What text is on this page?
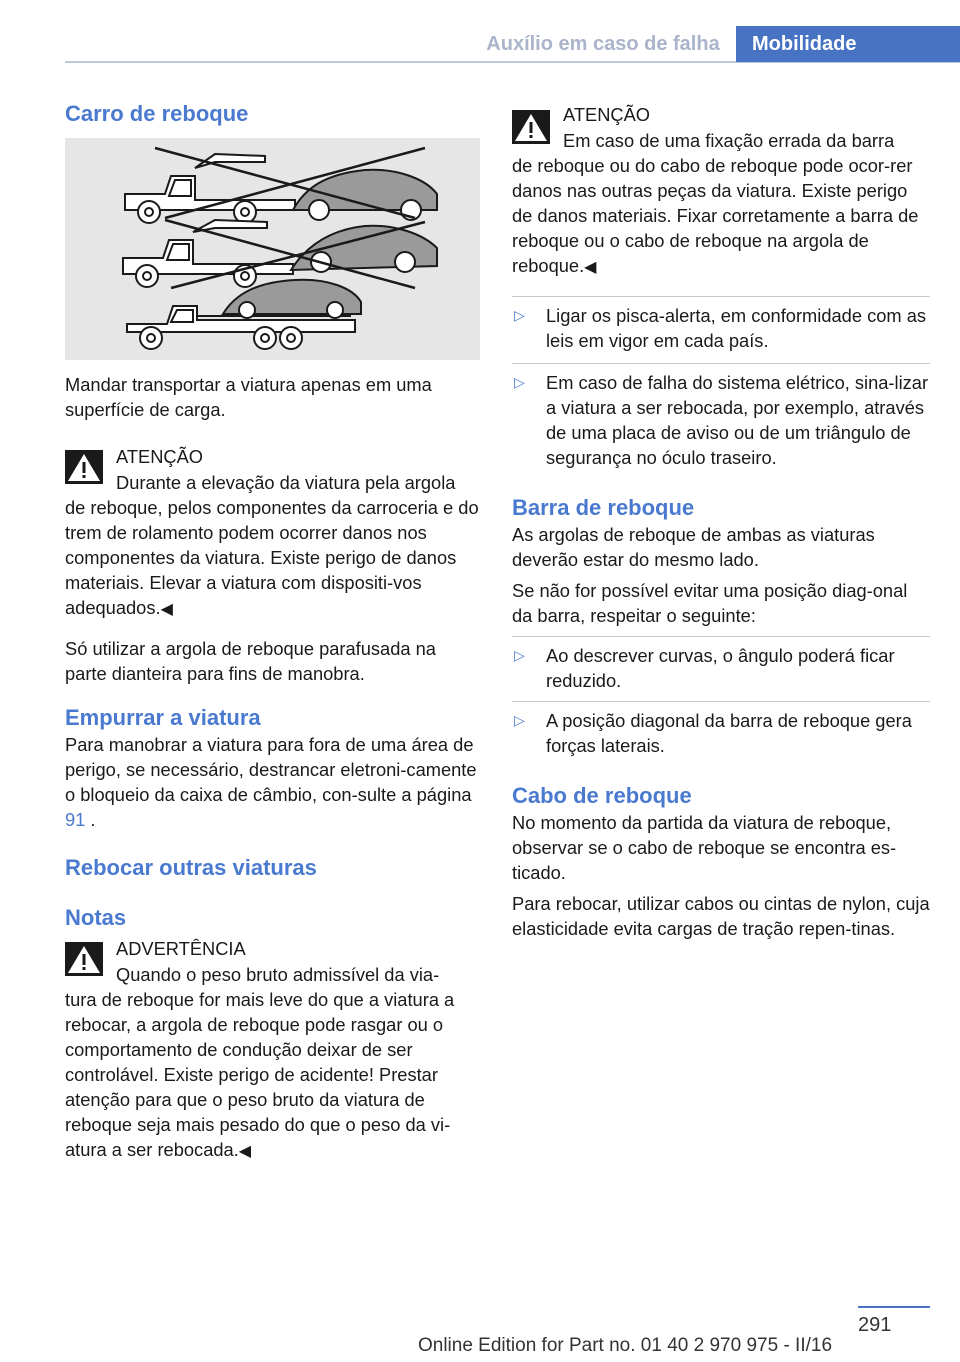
Auxílio em caso de falha	Mobilidade
Carro de reboque

Mandar transportar a viatura apenas em uma superfície de carga.

ATENÇÃO
Durante a elevação da viatura pela argola
de reboque, pelos componentes da carroceria e do trem de rolamento podem ocorrer danos nos componentes da viatura. Existe perigo de danos materiais. Elevar a viatura com dispositi-vos adequados.◀

Só utilizar a argola de reboque parafusada na parte dianteira para fins de manobra.

Empurrar a viatura

Para manobrar a viatura para fora de uma área de perigo, se necessário, destrancar eletroni-camente o bloqueio da caixa de câmbio, con-sulte a página 91 .

Rebocar outras viaturas
Notas
ADVERTÊNCIA
Quando o peso bruto admissível da via-
tura de reboque for mais leve do que a viatura a rebocar, a argola de reboque pode rasgar ou o comportamento de condução deixar de ser controlável. Existe perigo de acidente! Prestar atenção para que o peso bruto da viatura de reboque seja mais pesado do que o peso da vi-atura a ser rebocada.◀
ATENÇÃO
Em caso de uma fixação errada da barra
de reboque ou do cabo de reboque pode ocor-rer danos nas outras peças da viatura. Existe perigo de danos materiais. Fixar corretamente a barra de reboque ou o cabo de reboque na argola de reboque.◀
▷ Ligar os pisca-alerta, em conformidade com as leis em vigor em cada país.
▷ Em caso de falha do sistema elétrico, sina-lizar a viatura a ser rebocada, por exemplo, através de uma placa de aviso ou de um triângulo de segurança no óculo traseiro.
Barra de reboque

As argolas de reboque de ambas as viaturas deverão estar do mesmo lado.

Se não for possível evitar uma posição diag-onal da barra, respeitar o seguinte:

▷ Ao descrever curvas, o ângulo poderá ficar reduzido.
▷ A posição diagonal da barra de reboque gera forças laterais.
Cabo de reboque

No momento da partida da viatura de reboque, observar se o cabo de reboque se encontra es-ticado.

Para rebocar, utilizar cabos ou cintas de nylon, cuja elasticidade evita cargas de tração repen-tinas.

291
Online Edition for Part no. 01 40 2 970 975 - II/16
